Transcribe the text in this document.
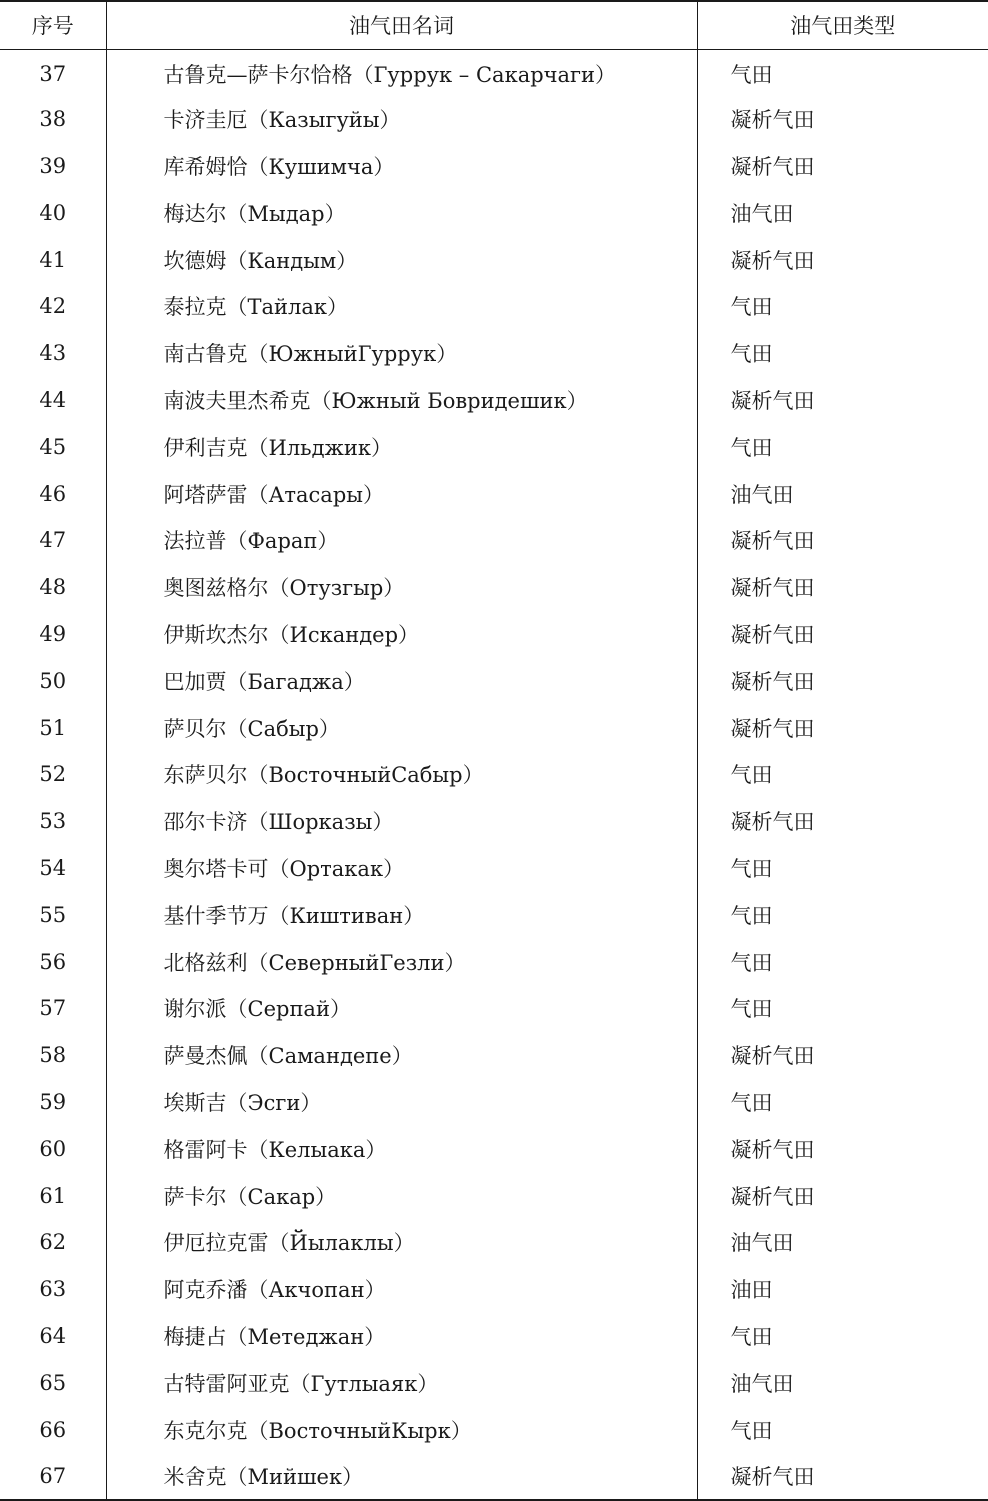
序号	油气田名词	油气田类型
37	古鲁克—萨卡尔恰格（Гуррук – Сакарчаги）	气田
38	卡济圭厄（Казыгуйы）	凝析气田
39	库希姆恰（Кушимча）	凝析气田
40	梅达尔（Мыдар）	油气田
41	坎德姆（Кандым）	凝析气田
42	泰拉克（Тайлак）	气田
43	南古鲁克（ЮжныйГуррук）	气田
44	南波夫里杰希克（Южный Бовридешик）	凝析气田
45	伊利吉克（Ильджик）	气田
46	阿塔萨雷（Атасары）	油气田
47	法拉普（Фарап）	凝析气田
48	奥图兹格尔（Отузгыр）	凝析气田
49	伊斯坎杰尔（Искандер）	凝析气田
50	巴加贾（Багаджа）	凝析气田
51	萨贝尔（Сабыр）	凝析气田
52	东萨贝尔（ВосточныйСабыр）	气田
53	邵尔卡济（Шорказы）	凝析气田
54	奥尔塔卡可（Ортакак）	气田
55	基什季节万（Киштиван）	气田
56	北格兹利（СеверныйГезли）	气田
57	谢尔派（Серпай）	气田
58	萨曼杰佩（Самандепе）	凝析气田
59	埃斯吉（Эсги）	气田
60	格雷阿卡（Келыака）	凝析气田
61	萨卡尔（Сакар）	凝析气田
62	伊厄拉克雷（Йылаклы）	油气田
63	阿克乔潘（Акчопан）	油田
64	梅捷占（Метеджан）	气田
65	古特雷阿亚克（Гутлыаяк）	油气田
66	东克尔克（ВосточныйКырк）	气田
67	米舍克（Мийшек）	凝析气田
